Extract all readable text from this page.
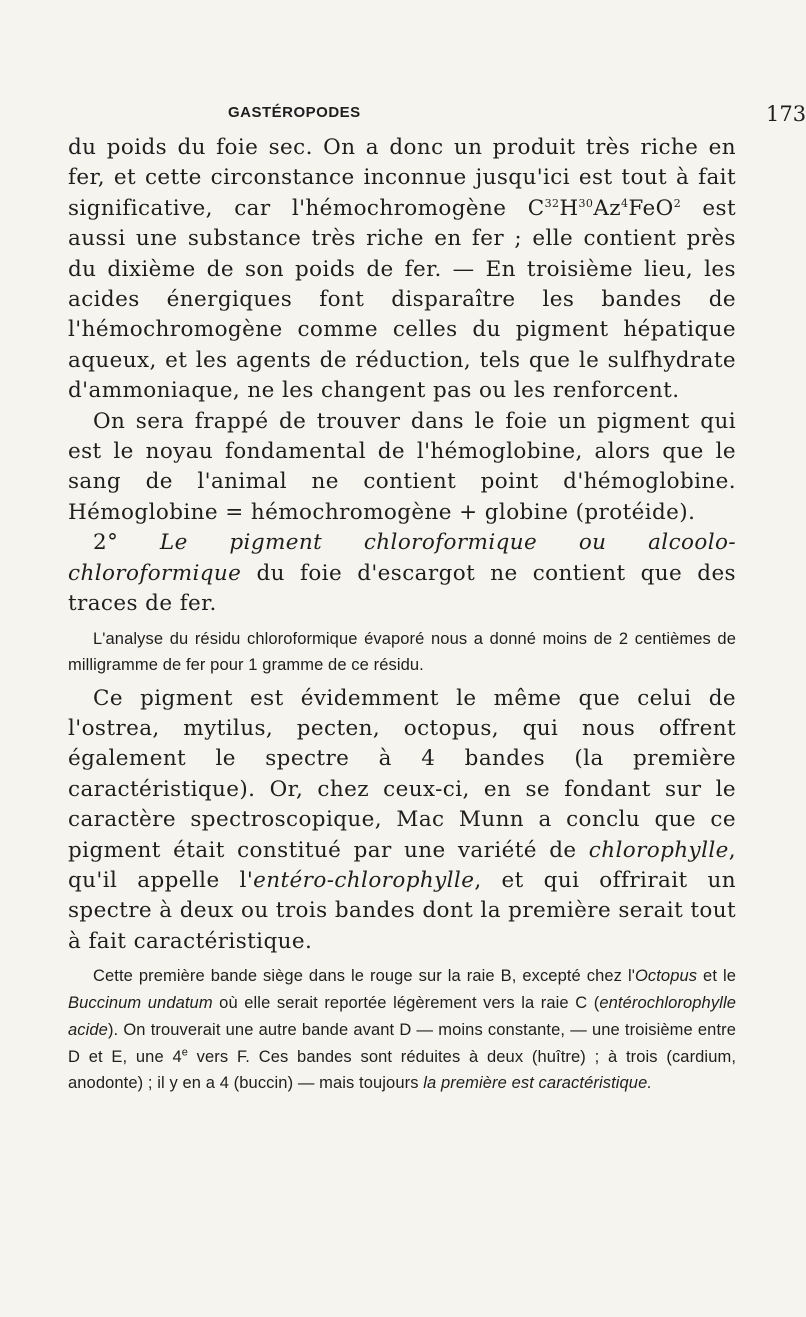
GASTÉROPODES	173

du poids du foie sec. On a donc un produit très riche en fer, et cette circonstance inconnue jusqu'ici est tout à fait significative, car l'hémochromogène $C^{32}H^{30}Az^4FeO^2$ est aussi une substance très riche en fer ; elle contient près du dixième de son poids de fer. — En troisième lieu, les acides énergiques font disparaître les bandes de l'hémochromogène comme celles du pigment hépatique aqueux, et les agents de réduction, tels que le sulfhydrate d'ammoniaque, ne les changent pas ou les renforcent.

On sera frappé de trouver dans le foie un pigment qui est le noyau fondamental de l'hémoglobine, alors que le sang de l'animal ne contient point d'hémoglobine. Hémoglobine = hémochromogène + globine (protéide).

2° Le pigment chloroformique ou alcoolo-chloroformique du foie d'escargot ne contient que des traces de fer.

L'analyse du résidu chloroformique évaporé nous a donné moins de 2 centièmes de milligramme de fer pour 1 gramme de ce résidu.

Ce pigment est évidemment le même que celui de l'ostrea, mytilus, pecten, octopus, qui nous offrent également le spectre à 4 bandes (la première caractéristique). Or, chez ceux-ci, en se fondant sur le caractère spectroscopique, Mac Munn a conclu que ce pigment était constitué par une variété de chlorophylle, qu'il appelle l'entéro-chlorophylle, et qui offrirait un spectre à deux ou trois bandes dont la première serait tout à fait caractéristique.

Cette première bande siège dans le rouge sur la raie B, excepté chez l'Octopus et le Buccinum undatum où elle serait reportée légèrement vers la raie C (entérochlorophylle acide). On trouverait une autre bande avant D — moins constante, — une troisième entre D et E, une 4e vers F. Ces bandes sont réduites à deux (huître) ; à trois (cardium, anodonte) ; il y en a 4 (buccin) — mais toujours la première est caractéristique.
